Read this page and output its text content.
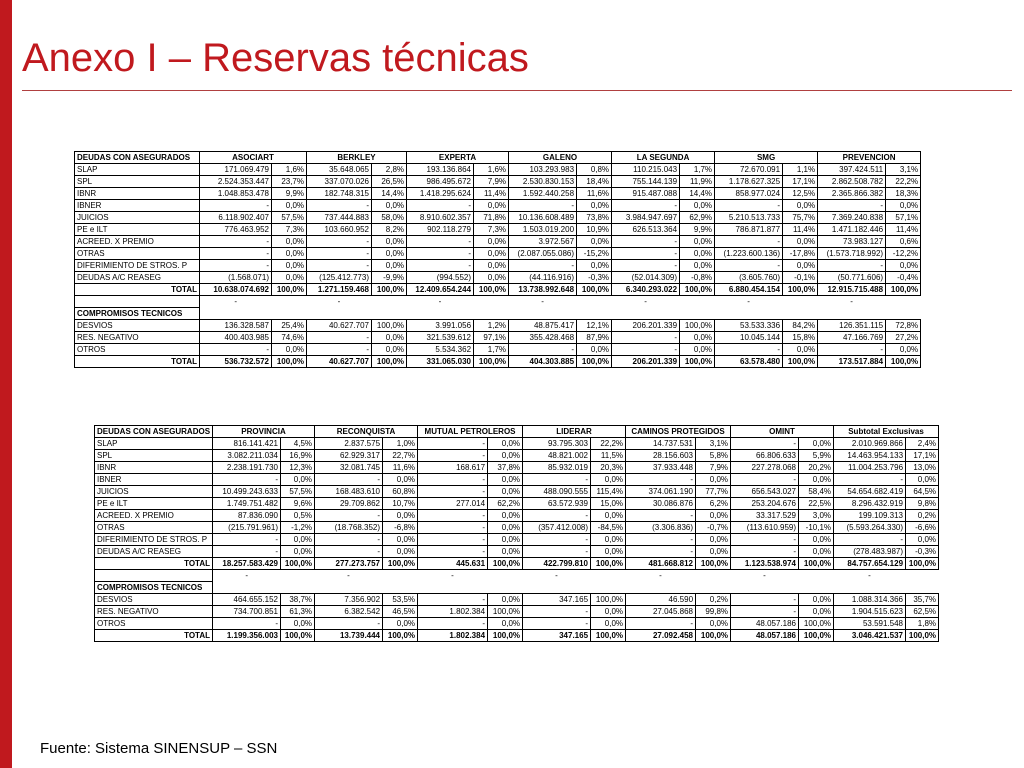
Anexo I – Reservas técnicas
DEUDAS CON ASEGURADOS	ASOCIART		BERKLEY		EXPERTA		GALENO		LA SEGUNDA		SMG		PREVENCION	
SLAP	171.069.479	1,6%	35.648.065	2,8%	193.136.864	1,6%	103.293.983	0,8%	110.215.043	1,7%	72.670.091	1,1%	397.424.511	3,1%
SPL	2.524.353.447	23,7%	337.070.026	26,5%	986.495.672	7,9%	2.530.830.153	18,4%	755.144.139	11,9%	1.178.627.325	17,1%	2.862.508.782	22,2%
IBNR	1.048.853.478	9,9%	182.748.315	14,4%	1.418.295.624	11,4%	1.592.440.258	11,6%	915.487.088	14,4%	858.977.024	12,5%	2.365.866.382	18,3%
IBNER	-	0,0%	-	0,0%	-	0,0%	-	0,0%	-	0,0%	-	0,0%	-	0,0%
JUICIOS	6.118.902.407	57,5%	737.444.883	58,0%	8.910.602.357	71,8%	10.136.608.489	73,8%	3.984.947.697	62,9%	5.210.513.733	75,7%	7.369.240.838	57,1%
PE e ILT	776.463.952	7,3%	103.660.952	8,2%	902.118.279	7,3%	1.503.019.200	10,9%	626.513.364	9,9%	786.871.877	11,4%	1.471.182.446	11,4%
ACREED. X PREMIO	-	0,0%	-	0,0%	-	0,0%	3.972.567	0,0%	-	0,0%	-	0,0%	73.983.127	0,6%
OTRAS	-	0,0%	-	0,0%	-	0,0%	(2.087.055.086)	-15,2%	-	0,0%	(1.223.600.136)	-17,8%	(1.573.718.992)	-12,2%
DIFERIMIENTO DE STROS. P	-	0,0%	-	0,0%	-	0,0%	-	0,0%	-	0,0%	-	0,0%	-	0,0%
DEUDAS A/C REASEG	(1.568.071)	0,0%	(125.412.773)	-9,9%	(994.552)	0,0%	(44.116.916)	-0,3%	(52.014.309)	-0,8%	(3.605.760)	-0,1%	(50.771.606)	-0,4%
TOTAL	10.638.074.692	100,0%	1.271.159.468	100,0%	12.409.654.244	100,0%	13.738.992.648	100,0%	6.340.293.022	100,0%	6.880.454.154	100,0%	12.915.715.488	100,0%
	-		-		-		-		-		-		-	
COMPROMISOS TECNICOS														
DESVIOS	136.328.587	25,4%	40.627.707	100,0%	3.991.056	1,2%	48.875.417	12,1%	206.201.339	100,0%	53.533.336	84,2%	126.351.115	72,8%
RES. NEGATIVO	400.403.985	74,6%	-	0,0%	321.539.612	97,1%	355.428.468	87,9%	-	0,0%	10.045.144	15,8%	47.166.769	27,2%
OTROS	-	0,0%	-	0,0%	5.534.362	1,7%	-	0,0%	-	0,0%	-	0,0%	-	0,0%
TOTAL	536.732.572	100,0%	40.627.707	100,0%	331.065.030	100,0%	404.303.885	100,0%	206.201.339	100,0%	63.578.480	100,0%	173.517.884	100,0%
DEUDAS CON ASEGURADOS	PROVINCIA		RECONQUISTA		MUTUAL PETROLEROS		LIDERAR		CAMINOS PROTEGIDOS		OMINT		Subtotal Exclusivas	
SLAP	816.141.421	4,5%	2.837.575	1,0%	-	0,0%	93.795.303	22,2%	14.737.531	3,1%	-	0,0%	2.010.969.866	2,4%
SPL	3.082.211.034	16,9%	62.929.317	22,7%	-	0,0%	48.821.002	11,5%	28.156.603	5,8%	66.806.633	5,9%	14.463.954.133	17,1%
IBNR	2.238.191.730	12,3%	32.081.745	11,6%	168.617	37,8%	85.932.019	20,3%	37.933.448	7,9%	227.278.068	20,2%	11.004.253.796	13,0%
IBNER	-	0,0%	-	0,0%	-	0,0%	-	0,0%	-	0,0%	-	0,0%	-	0,0%
JUICIOS	10.499.243.633	57,5%	168.483.610	60,8%	-	0,0%	488.090.555	115,4%	374.061.190	77,7%	656.543.027	58,4%	54.654.682.419	64,5%
PE e ILT	1.749.751.482	9,6%	29.709.862	10,7%	277.014	62,2%	63.572.939	15,0%	30.086.876	6,2%	253.204.676	22,5%	8.296.432.919	9,8%
ACREED. X PREMIO	87.836.090	0,5%	-	0,0%	-	0,0%	-	0,0%	-	0,0%	33.317.529	3,0%	199.109.313	0,2%
OTRAS	(215.791.961)	-1,2%	(18.768.352)	-6,8%	-	0,0%	(357.412.008)	-84,5%	(3.306.836)	-0,7%	(113.610.959)	-10,1%	(5.593.264.330)	-6,6%
DIFERIMIENTO DE STROS. P	-	0,0%	-	0,0%	-	0,0%	-	0,0%	-	0,0%	-	0,0%	-	0,0%
DEUDAS A/C REASEG	-	0,0%	-	0,0%	-	0,0%	-	0,0%	-	0,0%	-	0,0%	(278.483.987)	-0,3%
TOTAL	18.257.583.429	100,0%	277.273.757	100,0%	445.631	100,0%	422.799.810	100,0%	481.668.812	100,0%	1.123.538.974	100,0%	84.757.654.129	100,0%
	-		-		-		-		-		-		-	
COMPROMISOS TECNICOS														
DESVIOS	464.655.152	38,7%	7.356.902	53,5%	-	0,0%	347.165	100,0%	46.590	0,2%	-	0,0%	1.088.314.366	35,7%
RES. NEGATIVO	734.700.851	61,3%	6.382.542	46,5%	1.802.384	100,0%	-	0,0%	27.045.868	99,8%	-	0,0%	1.904.515.623	62,5%
OTROS	-	0,0%	-	0,0%	-	0,0%	-	0,0%	-	0,0%	48.057.186	100,0%	53.591.548	1,8%
TOTAL	1.199.356.003	100,0%	13.739.444	100,0%	1.802.384	100,0%	347.165	100,0%	27.092.458	100,0%	48.057.186	100,0%	3.046.421.537	100,0%
Fuente: Sistema SINENSUP – SSN
